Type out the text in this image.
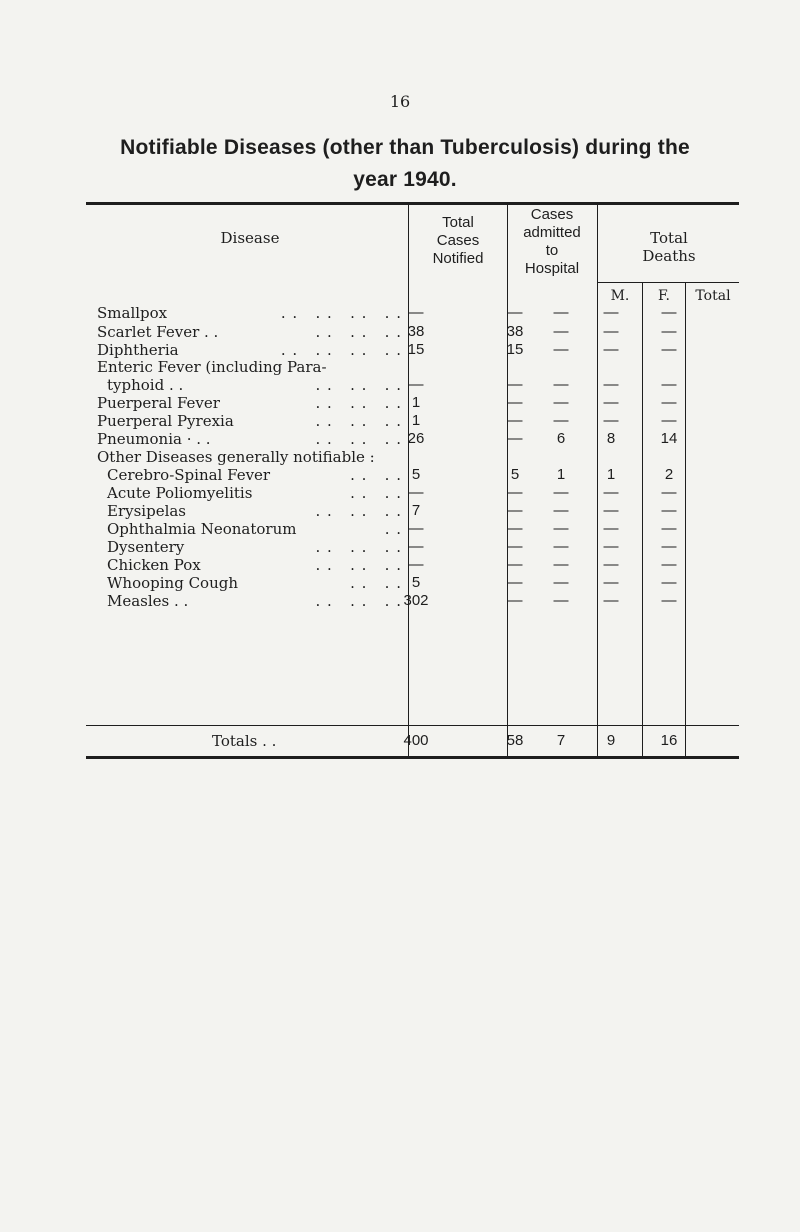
16
Notifiable Diseases (other than Tuberculosis) during the
year 1940.
Disease
Total
Cases
Notified
Cases
admitted
to
Hospital
Total
Deaths
M.	F.	Total
Smallpox	. .   . .   . .   . . —	—	—	—	—
Scarlet Fever . .	. .   . .   . . 38	38	—	—	—
Diphtheria	. .   . .   . .   . . 15	15	—	—	—
Enteric Fever (including Para-
typhoid . .	. .   . .   . . —	—	—	—	—
Puerperal Fever	. .   . .   . . 1	—	—	—	—
Puerperal Pyrexia	. .   . .   . . 1	—	—	—	—
Pneumonia · . .	. .   . .   . . 26	—	6	8	14
Other Diseases generally notifiable :
Cerebro-Spinal Fever	. .   . . 5	5	1	1	2
Acute Poliomyelitis	. .   . . —	—	—	—	—
Erysipelas	. .   . .   . . 7	—	—	—	—
Ophthalmia Neonatorum	. . —	—	—	—	—
Dysentery	. .   . .   . . —	—	—	—	—
Chicken Pox	. .   . .   . . —	—	—	—	—
Whooping Cough	. .   . . 5	—	—	—	—
Measles . .	. .   . .   . . 302	—	—	—	—
Totals . .	400	58	7	9	16
